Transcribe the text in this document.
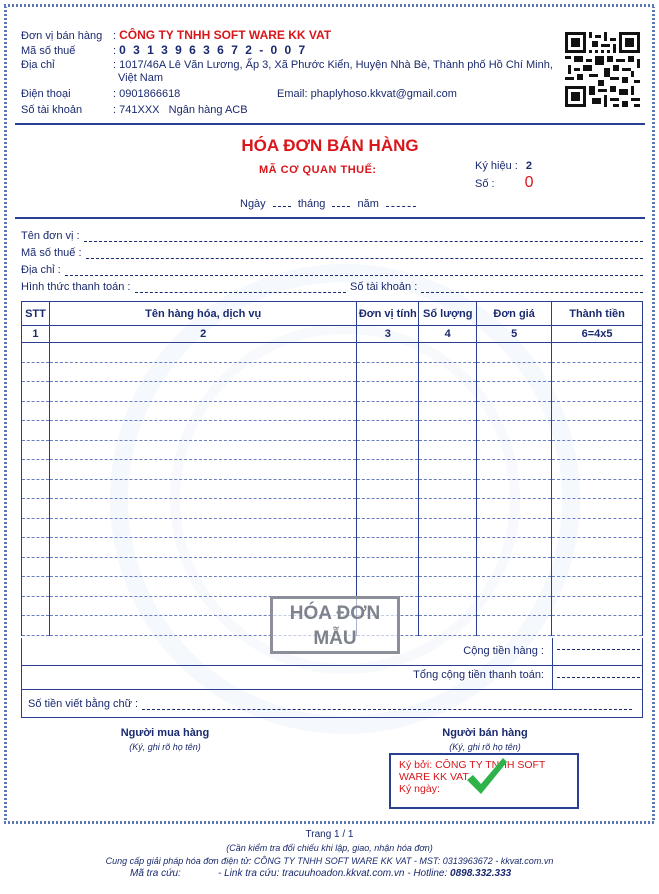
Đơn vị bán hàng : CÔNG TY TNHH SOFT WARE KK VAT
Mã số thuế	: 0 3 1 3 9 6 3 6 7 2 - 0 0 7
Địa chỉ	: 1017/46A Lê Văn Lương, Ấp 3, Xã Phước Kiển, Huyện Nhà Bè, Thành phố Hồ Chí Minh,
Việt Nam
Điện thoại	: 0901866618	Email: phaplyhoso.kkvat@gmail.com
Số tài khoản	: 741XXX Ngân hàng ACB
HÓA ĐƠN BÁN HÀNG
MÃ CƠ QUAN THUẾ:	Ký hiệu : 2
Số : 0
Ngày	tháng	năm
Tên đơn vị :
Mã số thuế :
Địa chỉ :
Hình thức thanh toán :	Số tài khoản :
STT	Tên hàng hóa, dịch vụ	Đơn vị tính	Số lượng	Đơn giá	Thành tiền
1	2	3	4	5	6=4x5

HÓA ĐƠN
MẪU
Cộng tiền hàng :
Tổng cộng tiền thanh toán:
Số tiền viết bằng chữ :
Người mua hàng
(Ký, ghi rõ họ tên)
Người bán hàng
(Ký, ghi rõ họ tên)
Ký bởi: CÔNG TY TNHH SOFT
WARE KK VAT
Ký ngày:
Trang 1 / 1
(Cần kiểm tra đối chiếu khi lập, giao, nhận hóa đơn)
Cung cấp giải pháp hóa đơn điện tử: CÔNG TY TNHH SOFT WARE KK VAT - MST: 0313963672 - kkvat.com.vn
Mã tra cứu:	- Link tra cứu: tracuuhoadon.kkvat.com.vn - Hotline: 0898.332.333
